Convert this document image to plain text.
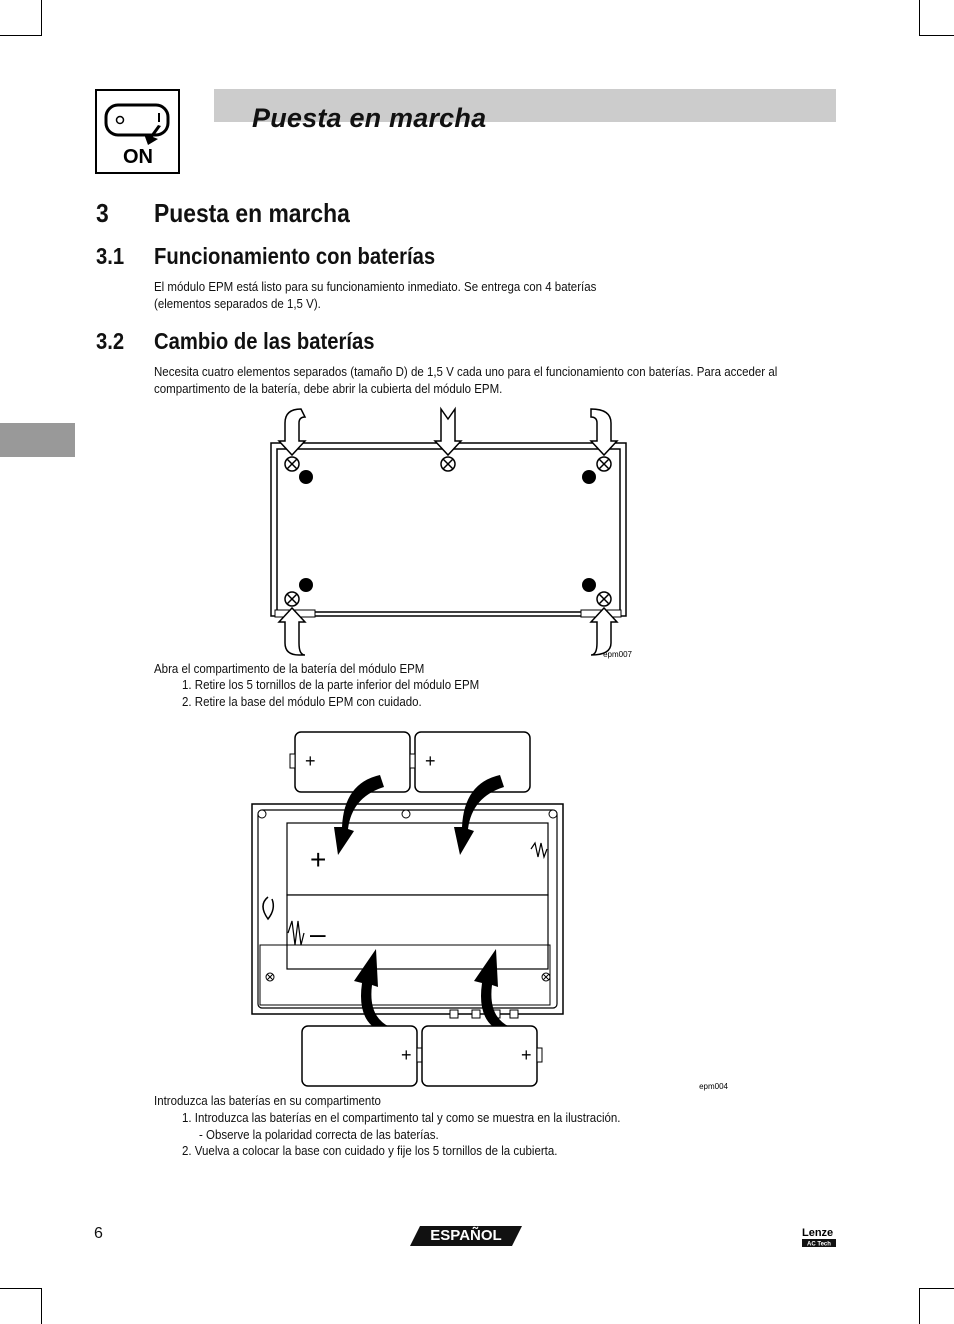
ON
Puesta en marcha
3 Puesta en marcha
3.1 Funcionamiento con baterías
El módulo EPM está listo para su funcionamiento inmediato. Se entrega con 4 baterías
(elementos separados de 1,5 V).
3.2 Cambio de las baterías
Necesita cuatro elementos separados (tamaño D) de 1,5 V cada uno para el funcionamiento con baterías. Para acceder al
compartimento de la batería, debe abrir la cubierta del módulo EPM.
epm007
Abra el compartimento de la batería del módulo EPM
1. Retire los 5 tornillos de la parte inferior del módulo EPM
2. Retire la base del módulo EPM con cuidado.
+	+
+
–
+	+
epm004
Introduzca las baterías en su compartimento
1. Introduzca las baterías en el compartimento tal y como se muestra en la ilustración.
- Observe la polaridad correcta de las baterías.
2. Vuelva a colocar la base con cuidado y fije los 5 tornillos de la cubierta.
6	ESPAÑOL	Lenze
AC Tech
